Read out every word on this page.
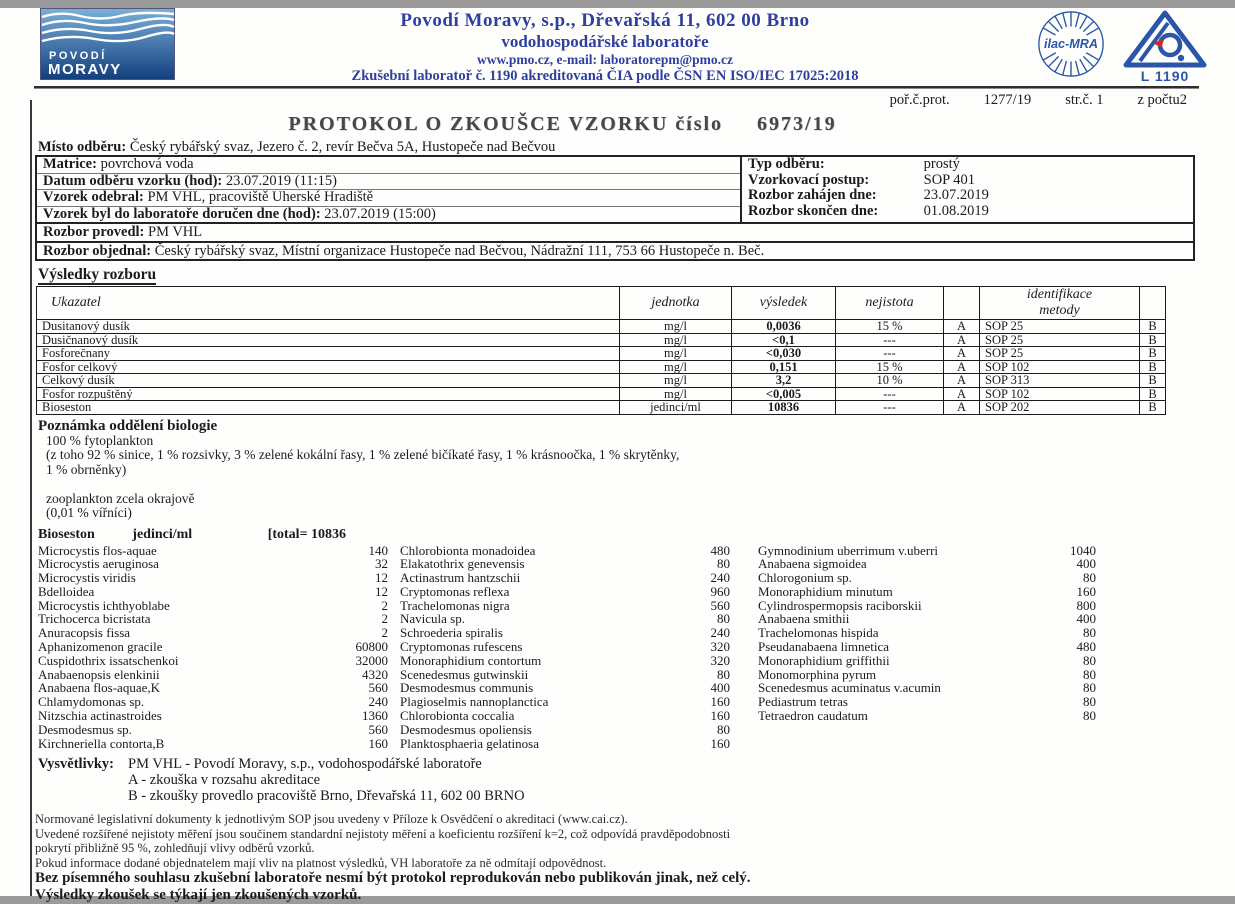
POVODÍ
MORAVY
Povodí Moravy, s.p., Dřevařská 11, 602 00 Brno
vodohospodářské laboratoře
www.pmo.cz, e-mail: laboratorepm@pmo.cz
Zkušební laboratoř č. 1190 akreditovaná ČIA podle ČSN EN ISO/IEC 17025:2018
ilac-MRA
L 1190
poř.č.prot. 1277/19 str.č. 1 z počtu2
PROTOKOL O ZKOUŠCE VZORKU číslo 6973/19
Místo odběru: Český rybářský svaz, Jezero č. 2, revír Bečva 5A, Hustopeče nad Bečvou
Matrice: povrchová voda
Datum odběru vzorku (hod): 23.07.2019 (11:15)
Vzorek odebral: PM VHL, pracoviště Uherské Hradiště
Vzorek byl do laboratoře doručen dne (hod): 23.07.2019 (15:00)
Typ odběru:	prostý
Vzorkovací postup:	SOP 401
Rozbor zahájen dne:	23.07.2019
Rozbor skončen dne:	01.08.2019
Rozbor provedl: PM VHL
Rozbor objednal: Český rybářský svaz, Místní organizace Hustopeče nad Bečvou, Nádražní 111, 753 66 Hustopeče n. Beč.
Výsledky rozboru
Ukazatel	jednotka	výsledek	nejistota		identifikace
metody	

Dusitanový dusík	mg/l	0,0036	15 %	A	SOP 25	B
Dusičnanový dusík	mg/l	<0,1	---	A	SOP 25	B
Fosforečnany	mg/l	<0,030	---	A	SOP 25	B
Fosfor celkový	mg/l	0,151	15 %	A	SOP 102	B
Celkový dusík	mg/l	3,2	10 %	A	SOP 313	B
Fosfor rozpuštěný	mg/l	<0,005	---	A	SOP 102	B
Bioseston	jedinci/ml	10836	---	A	SOP 202	B
Poznámka oddělení biologie
100 % fytoplankton
(z toho 92 % sinice, 1 % rozsivky, 3 % zelené kokální řasy, 1 % zelené bičíkaté řasy, 1 % krásnoočka, 1 % skrytěnky,
1 % obrněnky)
zooplankton zcela okrajově
(0,01 % vířníci)
Bioseston	jedinci/ml	[total= 10836
Microcystis flos-aquae	140
Microcystis aeruginosa	32
Microcystis viridis	12
Bdelloidea	12
Microcystis ichthyoblabe	2
Trichocerca bicristata	2
Anuracopsis fissa	2
Aphanizomenon gracile	60800
Cuspidothrix issatschenkoi	32000
Anabaenopsis elenkinii	4320
Anabaena flos-aquae,K	560
Chlamydomonas sp.	240
Nitzschia actinastroides	1360
Desmodesmus sp.	560
Kirchneriella contorta,B	160
Chlorobionta monadoidea	480
Elakatothrix genevensis	80
Actinastrum hantzschii	240
Cryptomonas reflexa	960
Trachelomonas nigra	560
Navicula sp.	80
Schroederia spiralis	240
Cryptomonas rufescens	320
Monoraphidium contortum	320
Scenedesmus gutwinskii	80
Desmodesmus communis	400
Plagioselmis nannoplanctica	160
Chlorobionta coccalia	160
Desmodesmus opoliensis	80
Planktosphaeria gelatinosa	160
Gymnodinium uberrimum v.uberri	1040
Anabaena sigmoidea	400
Chlorogonium sp.	80
Monoraphidium minutum	160
Cylindrospermopsis raciborskii	800
Anabaena smithii	400
Trachelomonas hispida	80
Pseudanabaena limnetica	480
Monoraphidium griffithii	80
Monomorphina pyrum	80
Scenedesmus acuminatus v.acumin	80
Pediastrum tetras	80
Tetraedron caudatum	80
Vysvětlivky: PM VHL - Povodí Moravy, s.p., vodohospodářské laboratoře
A - zkouška v rozsahu akreditace
B - zkoušky provedlo pracoviště Brno, Dřevařská 11, 602 00 BRNO
Normované legislativní dokumenty k jednotlivým SOP jsou uvedeny v Příloze k Osvědčení o akreditaci (www.cai.cz).
Uvedené rozšířené nejistoty měření jsou součinem standardní nejistoty měření a koeficientu rozšíření k=2, což odpovídá pravděpodobnosti
pokrytí přibližně 95 %, zohledňují vlivy odběrů vzorků.
Pokud informace dodané objednatelem mají vliv na platnost výsledků, VH laboratoře za ně odmítají odpovědnost.
Bez písemného souhlasu zkušební laboratoře nesmí být protokol reprodukován nebo publikován jinak, než celý.
Výsledky zkoušek se týkají jen zkoušených vzorků.
